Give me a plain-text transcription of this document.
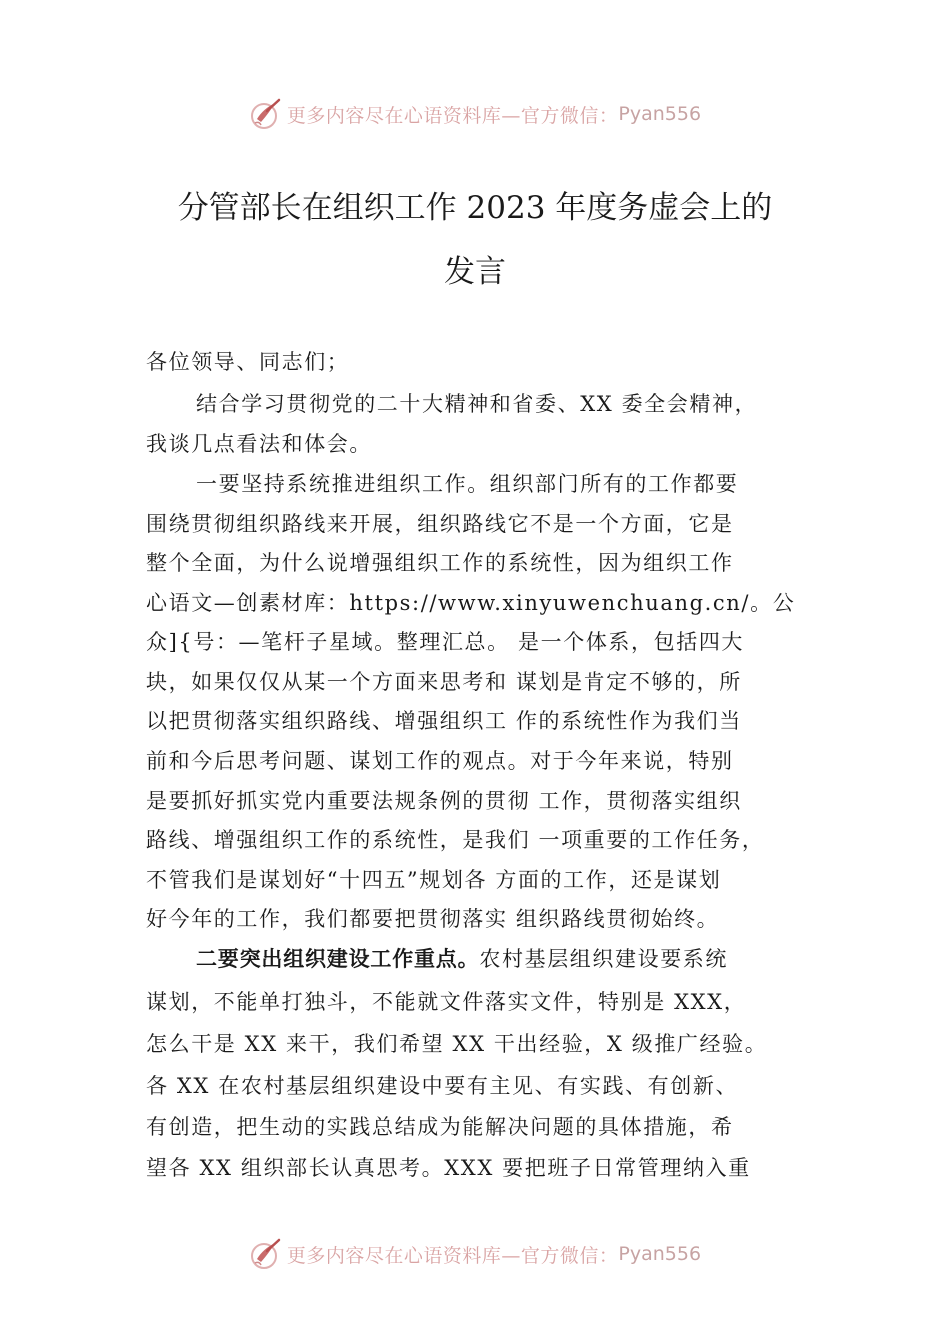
更多内容尽在心语资料库—官方微信： Pyan556
分管部长在组织工作 2023 年度务虚会上的
发言
各位领导、同志们；
结合学习贯彻党的二十大精神和省委、XX 委全会精神，
我谈几点看法和体会。
一要坚持系统推进组织工作。组织部门所有的工作都要
围绕贯彻组织路线来开展，组织路线它不是一个方面，它是
整个全面，为什么说增强组织工作的系统性，因为组织工作
心语文—创素材库：https://www.xinyuwenchuang.cn/。公
众]{号：—笔杆子星域。整理汇总。 是一个体系，包括四大
块，如果仅仅从某一个方面来思考和 谋划是肯定不够的，所
以把贯彻落实组织路线、增强组织工 作的系统性作为我们当
前和今后思考问题、谋划工作的观点。对于今年来说，特别
是要抓好抓实党内重要法规条例的贯彻 工作，贯彻落实组织
路线、增强组织工作的系统性，是我们 一项重要的工作任务，
不管我们是谋划好“十四五”规划各 方面的工作，还是谋划
好今年的工作，我们都要把贯彻落实 组织路线贯彻始终。
二要突出组织建设工作重点。农村基层组织建设要系统
谋划，不能单打独斗，不能就文件落实文件，特别是 XXX，
怎么干是 XX 来干，我们希望 XX 干出经验，X 级推广经验。
各 XX 在农村基层组织建设中要有主见、有实践、有创新、
有创造，把生动的实践总结成为能解决问题的具体措施，希
望各 XX 组织部长认真思考。XXX 要把班子日常管理纳入重
更多内容尽在心语资料库—官方微信： Pyan556
